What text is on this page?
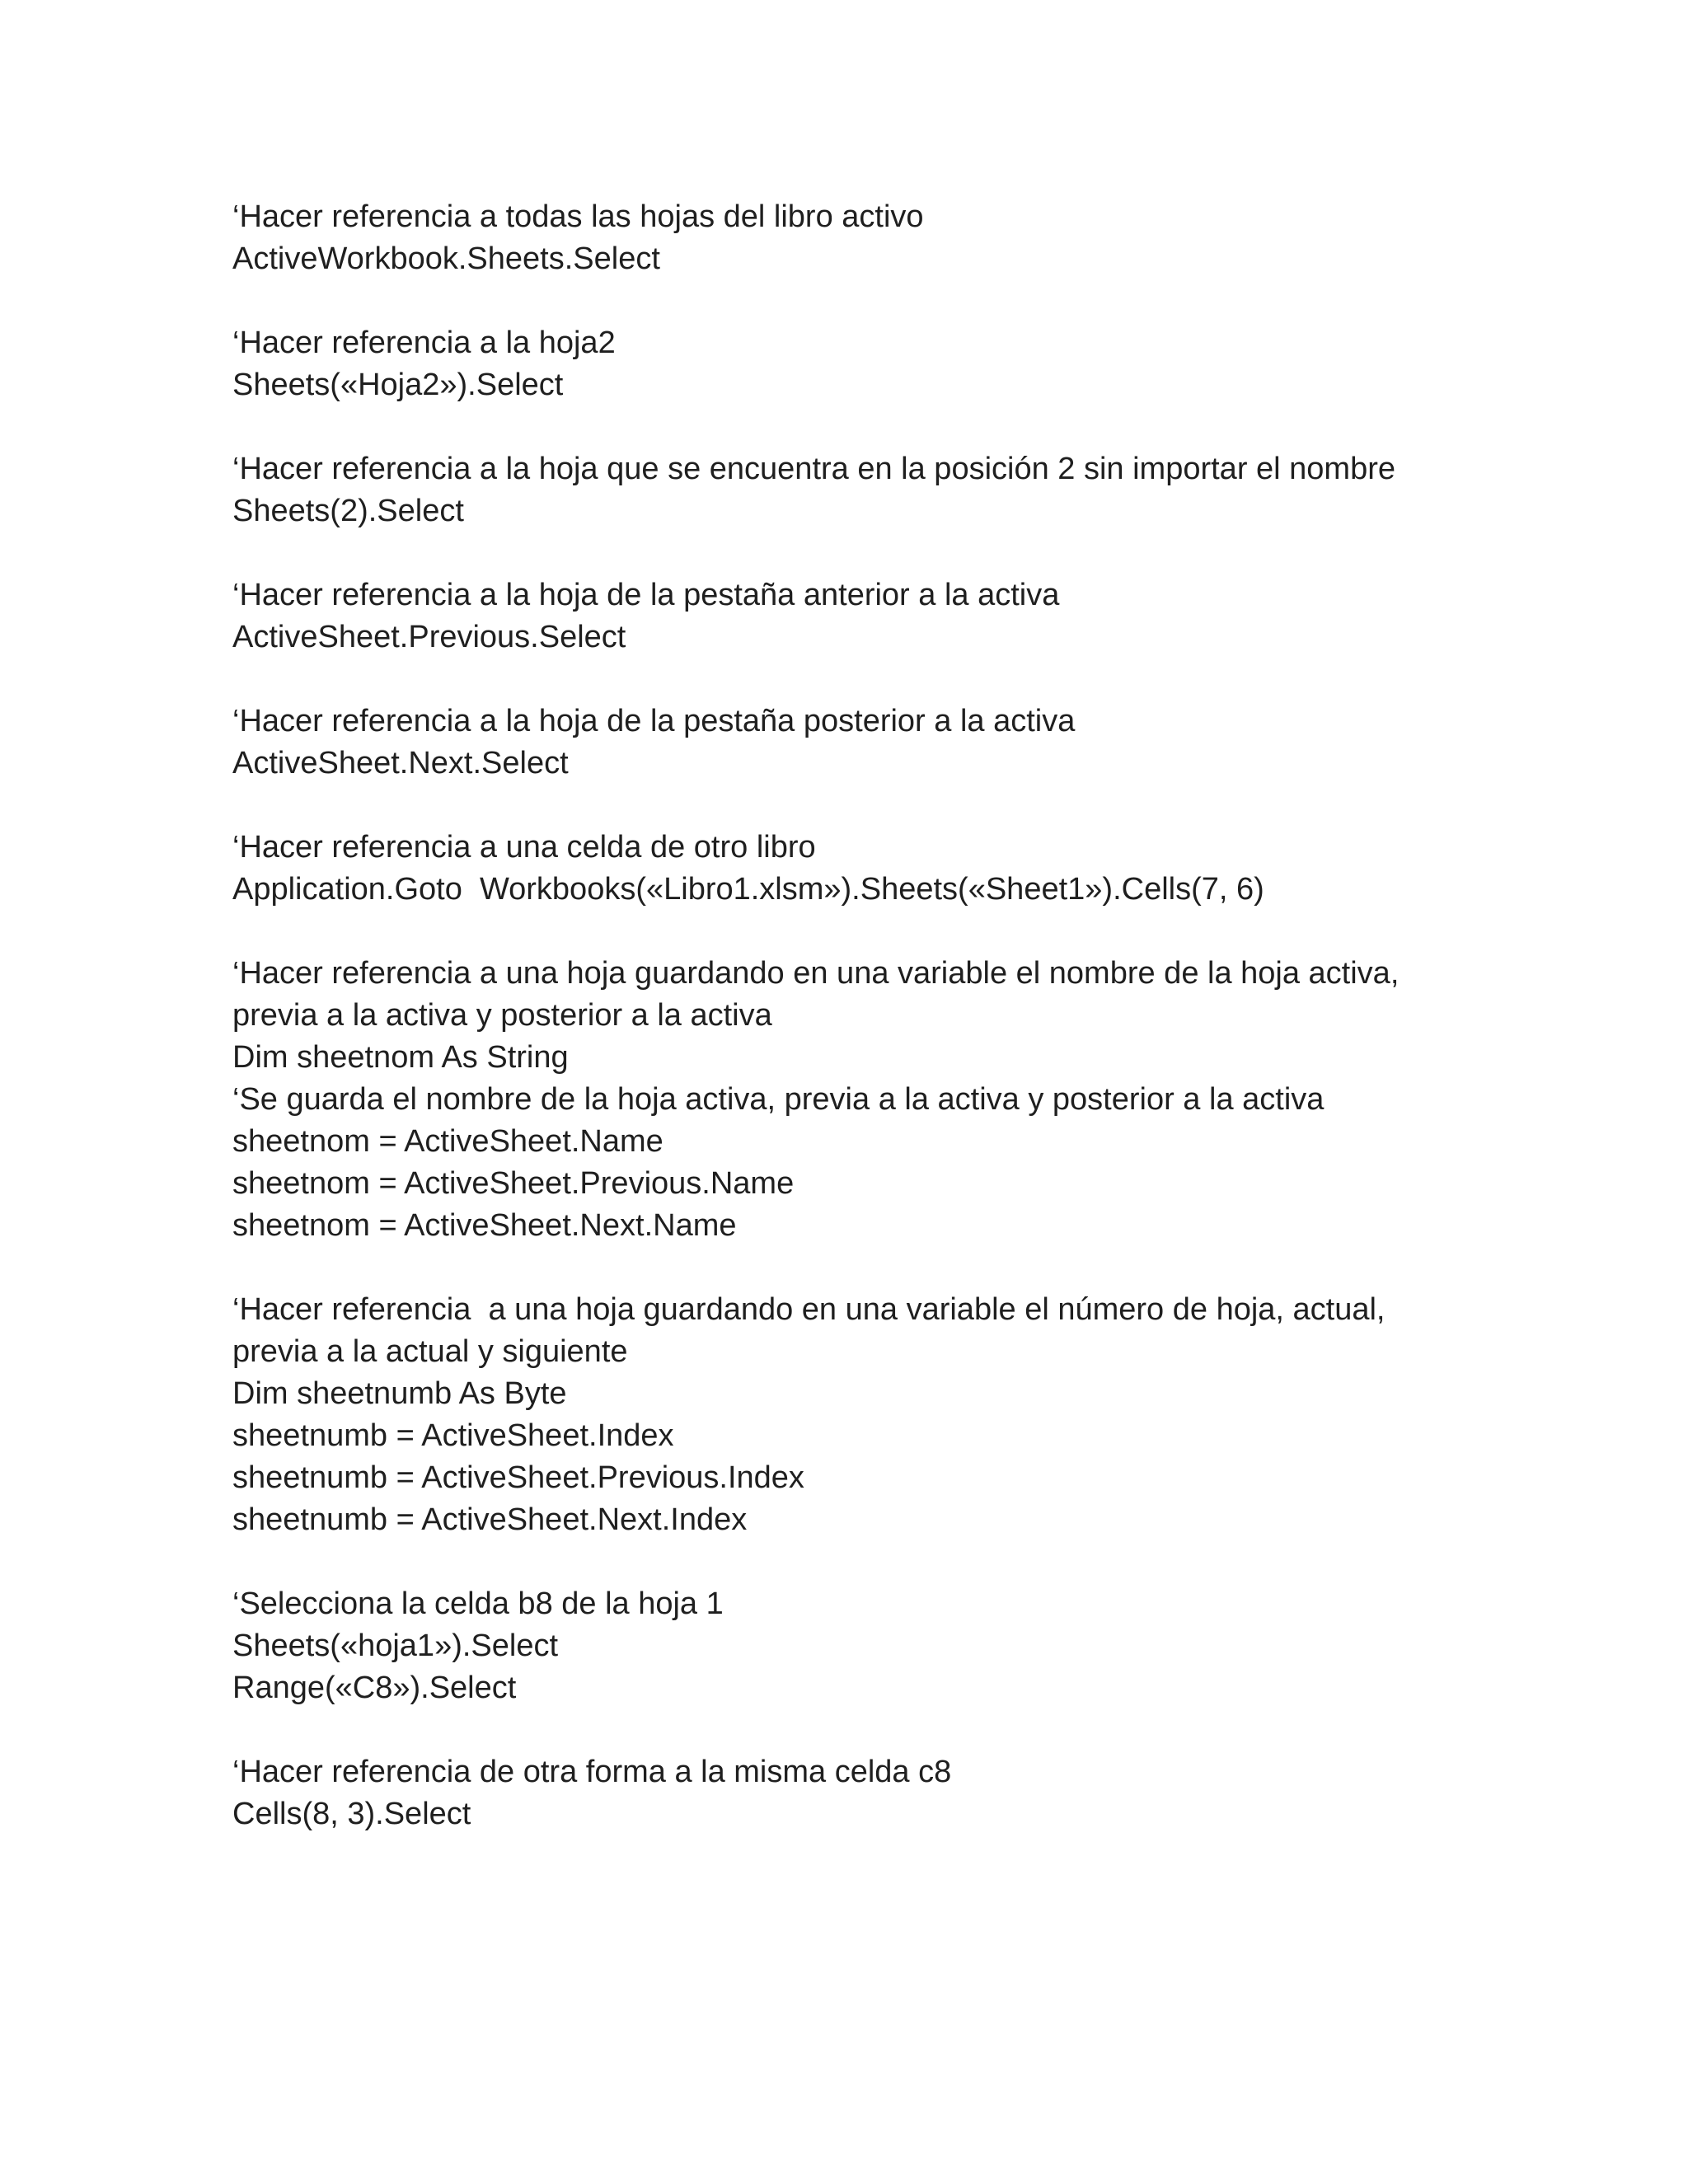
‘Hacer referencia a todas las hojas del libro activo
ActiveWorkbook.Sheets.Select
‘Hacer referencia a la hoja2
Sheets(«Hoja2»).Select
‘Hacer referencia a la hoja que se encuentra en la posición 2 sin importar el nombre
Sheets(2).Select
‘Hacer referencia a la hoja de la pestaña anterior a la activa
ActiveSheet.Previous.Select
‘Hacer referencia a la hoja de la pestaña posterior a la activa
ActiveSheet.Next.Select
‘Hacer referencia a una celda de otro libro
Application.Goto  Workbooks(«Libro1.xlsm»).Sheets(«Sheet1»).Cells(7, 6)
‘Hacer referencia a una hoja guardando en una variable el nombre de la hoja activa,
previa a la activa y posterior a la activa
Dim sheetnom As String
‘Se guarda el nombre de la hoja activa, previa a la activa y posterior a la activa
sheetnom = ActiveSheet.Name
sheetnom = ActiveSheet.Previous.Name
sheetnom = ActiveSheet.Next.Name
‘Hacer referencia  a una hoja guardando en una variable el número de hoja, actual,
previa a la actual y siguiente
Dim sheetnumb As Byte
sheetnumb = ActiveSheet.Index
sheetnumb = ActiveSheet.Previous.Index
sheetnumb = ActiveSheet.Next.Index
‘Selecciona la celda b8 de la hoja 1
Sheets(«hoja1»).Select
Range(«C8»).Select
‘Hacer referencia de otra forma a la misma celda c8
Cells(8, 3).Select
